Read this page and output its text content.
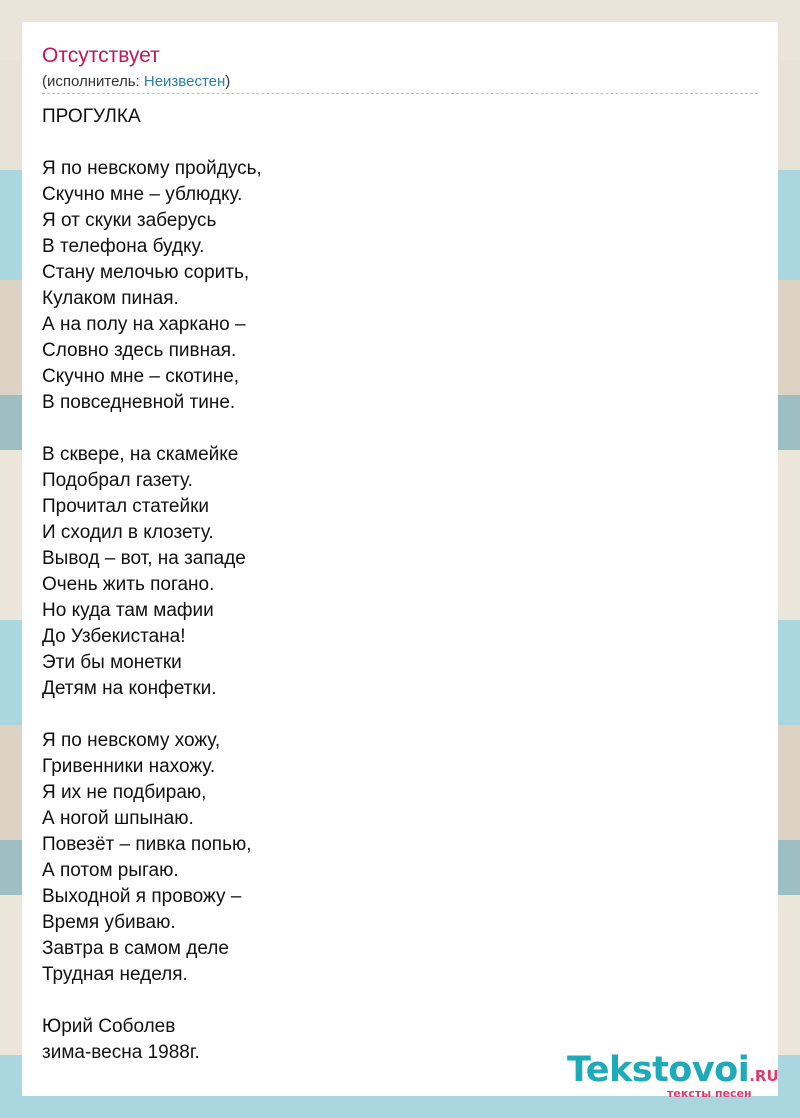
Отсутствует
(исполнитель: Неизвестен)
ПРОГУЛКА
Я по невскому пройдусь,
Скучно мне – ублюдку.
Я от скуки заберусь
В телефона будку.
Стану мелочью сорить,
Кулаком пиная.
А на полу на харкано –
Словно здесь пивная.
Скучно мне – скотине,
В повседневной тине.
В сквере, на скамейке
Подобрал газету.
Прочитал статейки
И сходил в клозету.
Вывод – вот, на западе
Очень жить погано.
Но куда там мафии
До Узбекистана!
Эти бы монетки
Детям на конфетки.
Я по невскому хожу,
Гривенники нахожу.
Я их не подбираю,
А ногой шпынаю.
Повезёт – пивка попью,
А потом рыгаю.
Выходной я провожу –
Время убиваю.
Завтра в самом деле
Трудная неделя.
Юрий Соболев
зима-весна 1988г.	Tekstovoi.RU
тексты песен
